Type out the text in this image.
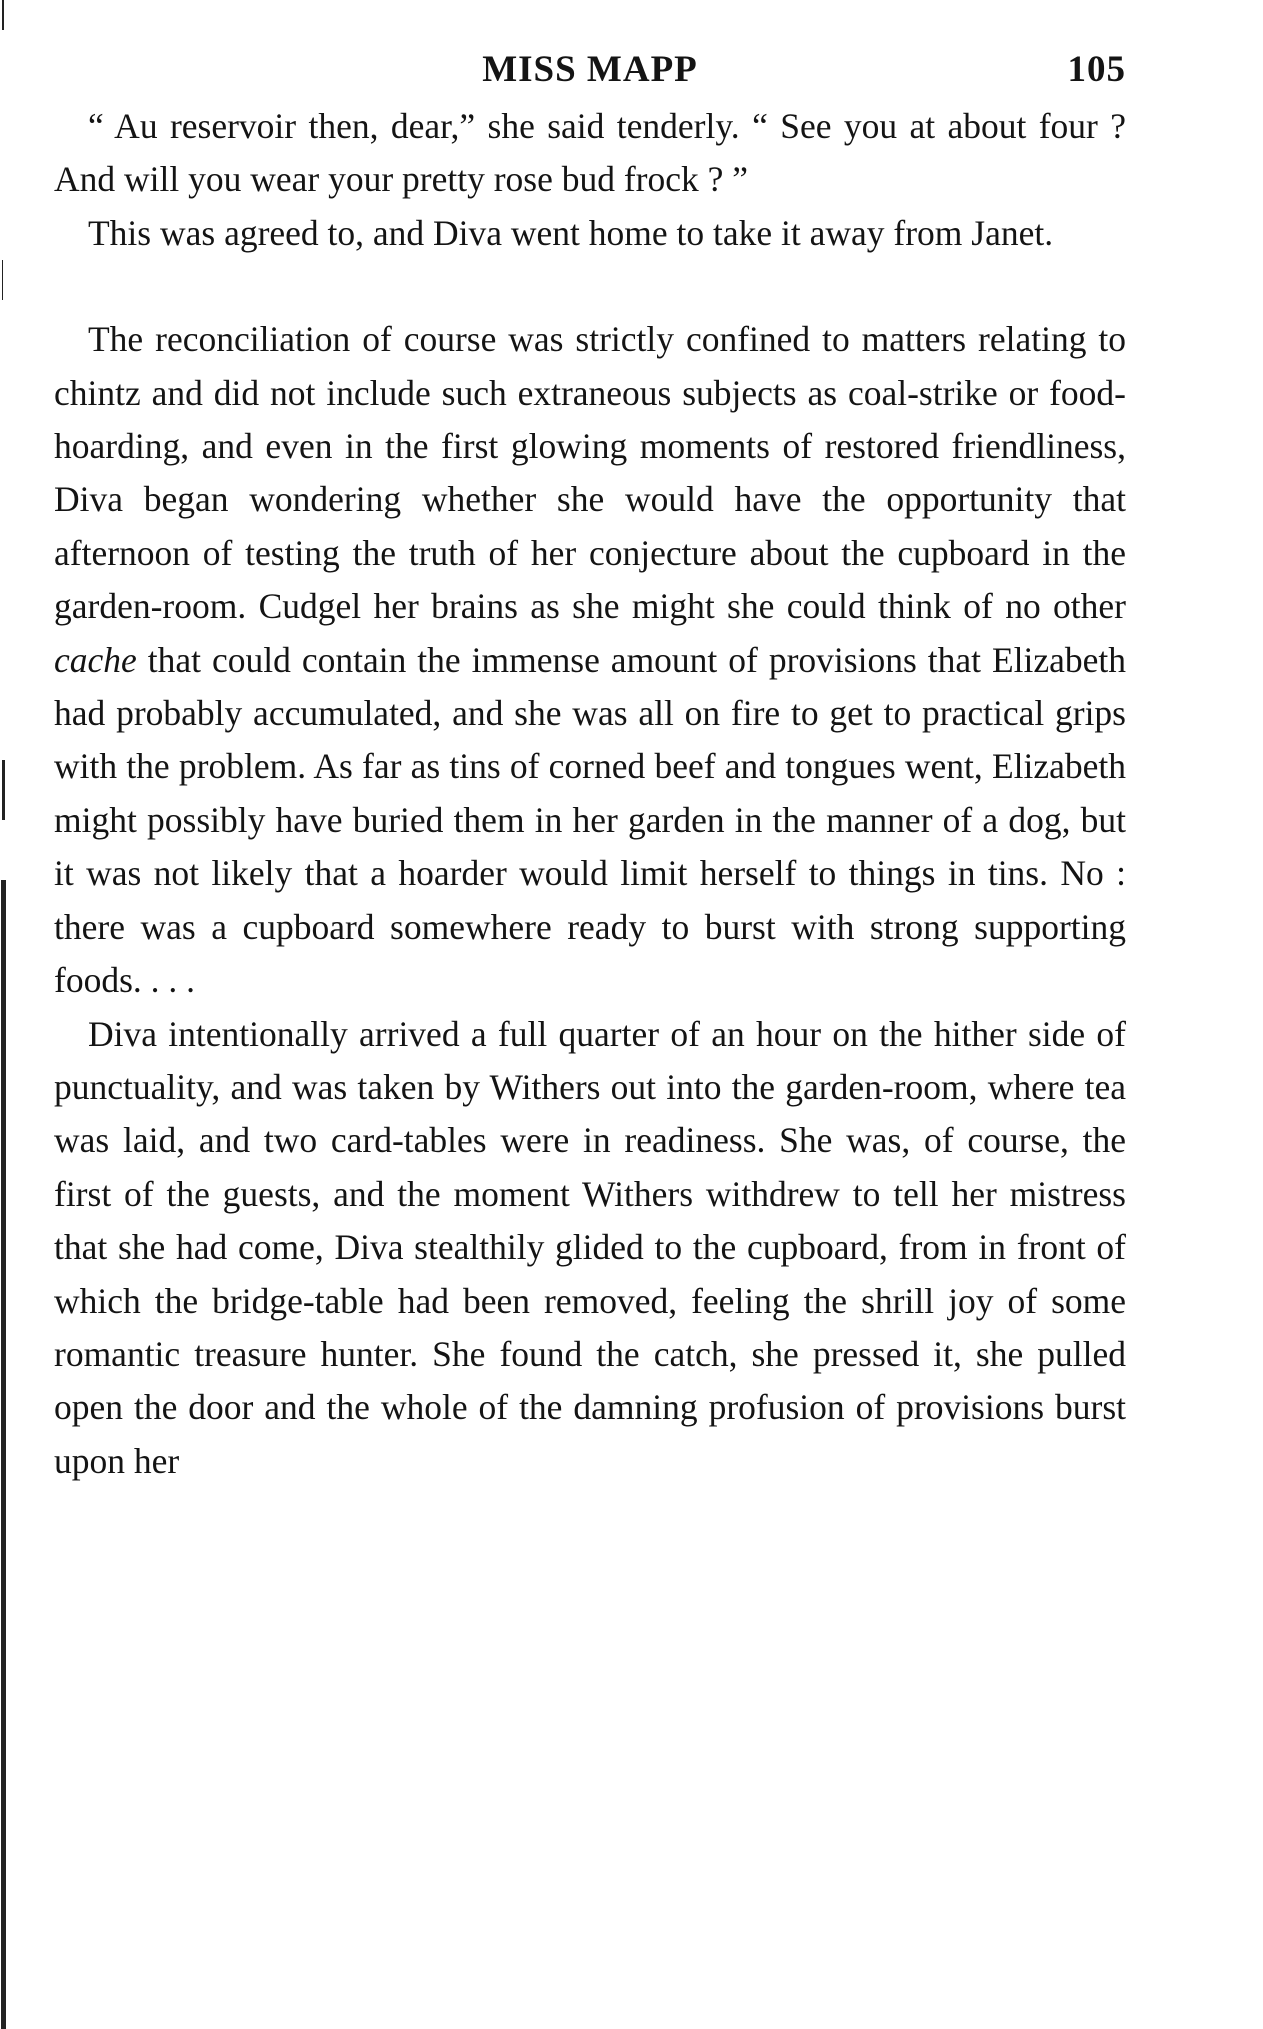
MISS MAPP	105

“ Au reservoir then, dear,” she said tenderly. “ See you at about four ? And will you wear your pretty rose bud frock ? ”

This was agreed to, and Diva went home to take it away from Janet.

The reconciliation of course was strictly confined to matters relating to chintz and did not include such extraneous subjects as coal-strike or food-hoarding, and even in the first glowing moments of restored friendliness, Diva began wondering whether she would have the opportunity that afternoon of testing the truth of her conjecture about the cupboard in the garden-room. Cudgel her brains as she might she could think of no other cache that could contain the immense amount of provisions that Elizabeth had probably accumulated, and she was all on fire to get to practical grips with the problem. As far as tins of corned beef and tongues went, Elizabeth might possibly have buried them in her garden in the manner of a dog, but it was not likely that a hoarder would limit herself to things in tins. No : there was a cupboard somewhere ready to burst with strong supporting foods. . . .

Diva intentionally arrived a full quarter of an hour on the hither side of punctuality, and was taken by Withers out into the garden-room, where tea was laid, and two card-tables were in readiness. She was, of course, the first of the guests, and the moment Withers withdrew to tell her mistress that she had come, Diva stealthily glided to the cupboard, from in front of which the bridge-table had been removed, feeling the shrill joy of some romantic treasure hunter. She found the catch, she pressed it, she pulled open the door and the whole of the damning profusion of provisions burst upon her
